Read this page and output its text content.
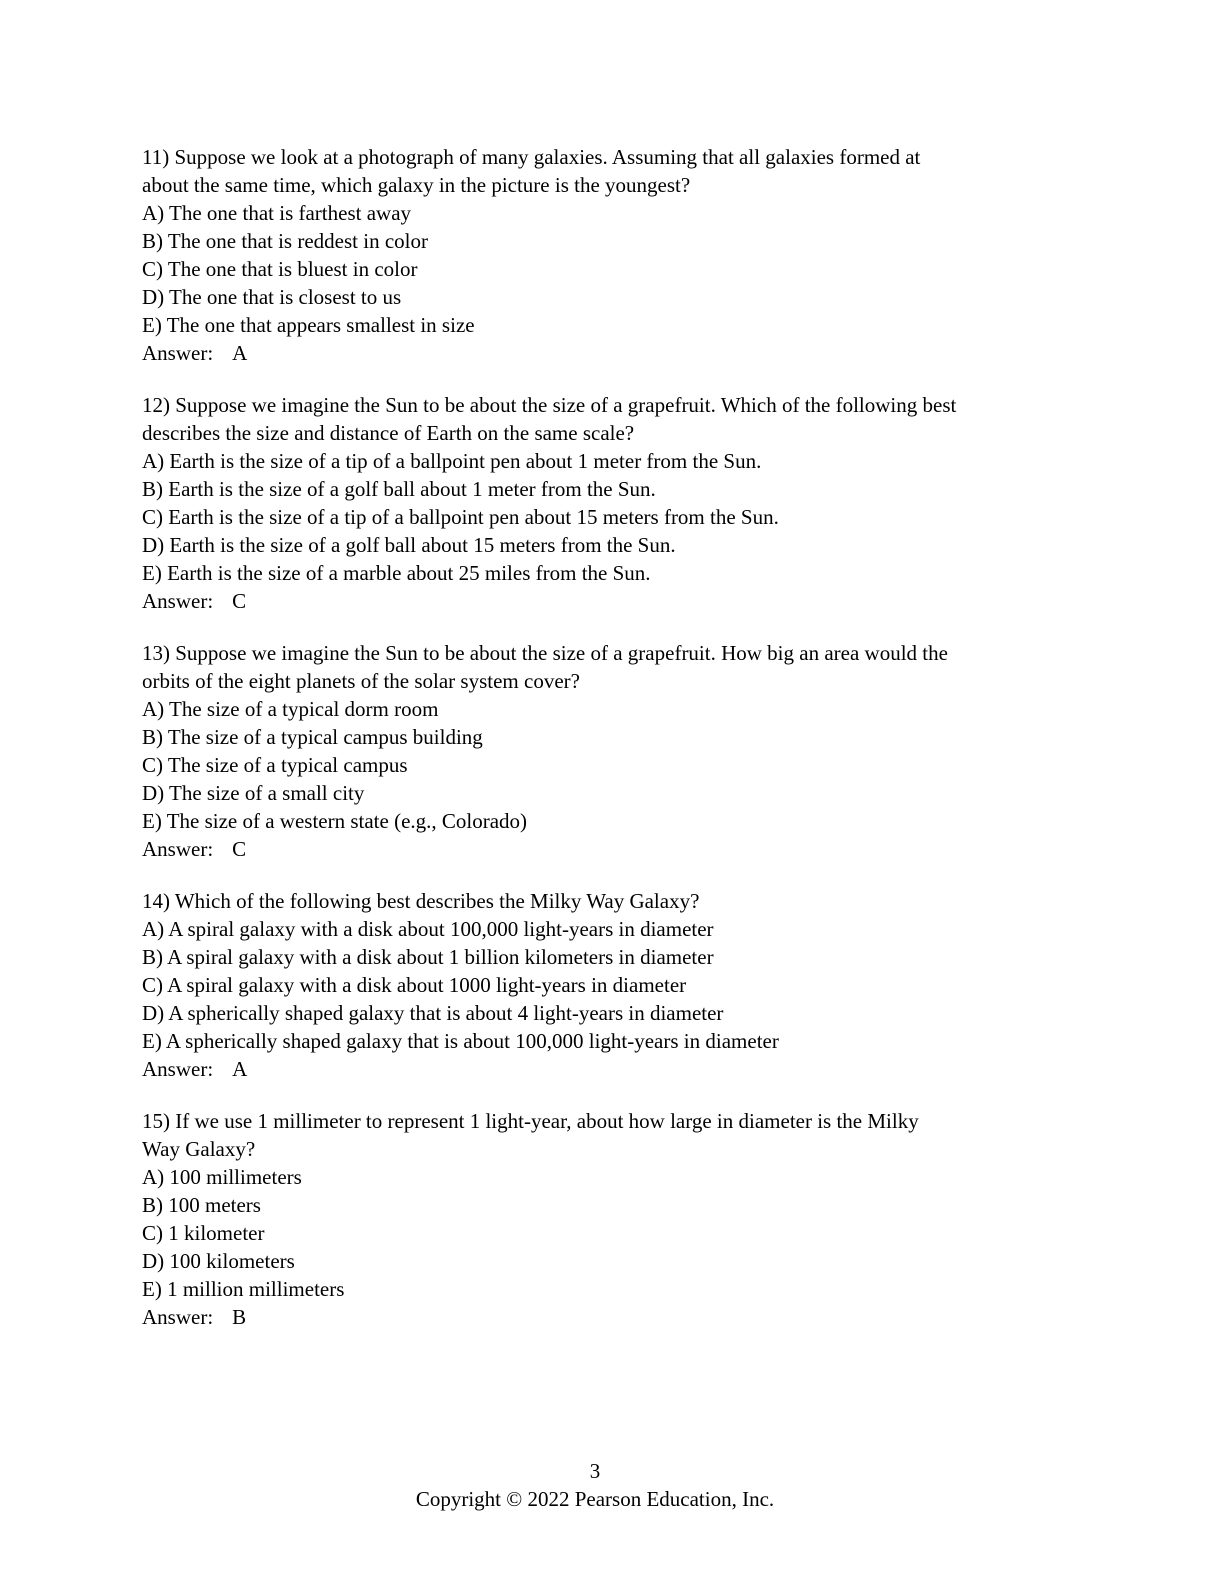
11) Suppose we look at a photograph of many galaxies. Assuming that all galaxies formed at
about the same time, which galaxy in the picture is the youngest?
A) The one that is farthest away
B) The one that is reddest in color
C) The one that is bluest in color
D) The one that is closest to us
E) The one that appears smallest in size
Answer: A
12) Suppose we imagine the Sun to be about the size of a grapefruit. Which of the following best
describes the size and distance of Earth on the same scale?
A) Earth is the size of a tip of a ballpoint pen about 1 meter from the Sun.
B) Earth is the size of a golf ball about 1 meter from the Sun.
C) Earth is the size of a tip of a ballpoint pen about 15 meters from the Sun.
D) Earth is the size of a golf ball about 15 meters from the Sun.
E) Earth is the size of a marble about 25 miles from the Sun.
Answer: C
13) Suppose we imagine the Sun to be about the size of a grapefruit. How big an area would the
orbits of the eight planets of the solar system cover?
A) The size of a typical dorm room
B) The size of a typical campus building
C) The size of a typical campus
D) The size of a small city
E) The size of a western state (e.g., Colorado)
Answer: C
14) Which of the following best describes the Milky Way Galaxy?
A) A spiral galaxy with a disk about 100,000 light-years in diameter
B) A spiral galaxy with a disk about 1 billion kilometers in diameter
C) A spiral galaxy with a disk about 1000 light-years in diameter
D) A spherically shaped galaxy that is about 4 light-years in diameter
E) A spherically shaped galaxy that is about 100,000 light-years in diameter
Answer: A
15) If we use 1 millimeter to represent 1 light-year, about how large in diameter is the Milky
Way Galaxy?
A) 100 millimeters
B) 100 meters
C) 1 kilometer
D) 100 kilometers
E) 1 million millimeters
Answer: B
3
Copyright © 2022 Pearson Education, Inc.
